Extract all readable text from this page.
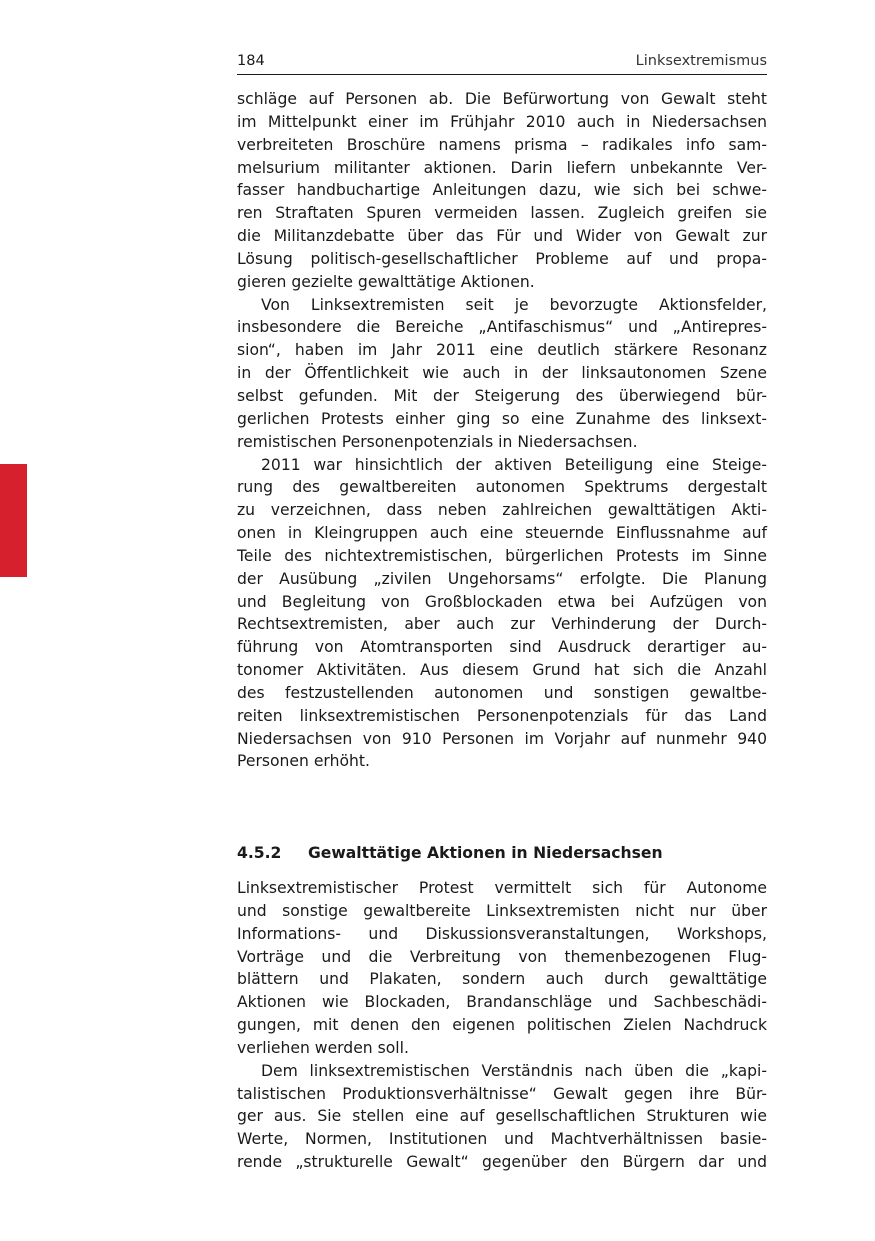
184	Linksextremismus
schläge auf Personen ab. Die Befürwortung von Gewalt steht
im Mittelpunkt einer im Frühjahr 2010 auch in Niedersachsen
verbreiteten Broschüre namens prisma – radikales info sam-
melsurium militanter aktionen. Darin liefern unbekannte Ver-
fasser handbuchartige Anleitungen dazu, wie sich bei schwe-
ren Straftaten Spuren vermeiden lassen. Zugleich greifen sie
die Militanzdebatte über das Für und Wider von Gewalt zur
Lösung politisch-gesellschaftlicher Probleme auf und propa-
gieren gezielte gewalttätige Aktionen.
Von Linksextremisten seit je bevorzugte Aktionsfelder,
insbesondere die Bereiche „Antifaschismus“ und „Antirepres-
sion“, haben im Jahr 2011 eine deutlich stärkere Resonanz
in der Öffentlichkeit wie auch in der linksautonomen Szene
selbst gefunden. Mit der Steigerung des überwiegend bür-
gerlichen Protests einher ging so eine Zunahme des linksext-
remistischen Personenpotenzials in Niedersachsen.
2011 war hinsichtlich der aktiven Beteiligung eine Steige-
rung des gewaltbereiten autonomen Spektrums dergestalt
zu verzeichnen, dass neben zahlreichen gewalttätigen Akti-
onen in Kleingruppen auch eine steuernde Einflussnahme auf
Teile des nichtextremistischen, bürgerlichen Protests im Sinne
der Ausübung „zivilen Ungehorsams“ erfolgte. Die Planung
und Begleitung von Großblockaden etwa bei Aufzügen von
Rechtsextremisten, aber auch zur Verhinderung der Durch-
führung von Atomtransporten sind Ausdruck derartiger au-
tonomer Aktivitäten. Aus diesem Grund hat sich die Anzahl
des festzustellenden autonomen und sonstigen gewaltbe-
reiten linksextremistischen Personenpotenzials für das Land
Niedersachsen von 910 Personen im Vorjahr auf nunmehr 940
Personen erhöht.
4.5.2 Gewalttätige Aktionen in Niedersachsen
Linksextremistischer Protest vermittelt sich für Autonome
und sonstige gewaltbereite Linksextremisten nicht nur über
Informations- und Diskussionsveranstaltungen, Workshops,
Vorträge und die Verbreitung von themenbezogenen Flug-
blättern und Plakaten, sondern auch durch gewalttätige
Aktionen wie Blockaden, Brandanschläge und Sachbeschädi-
gungen, mit denen den eigenen politischen Zielen Nachdruck
verliehen werden soll.
Dem linksextremistischen Verständnis nach üben die „kapi-
talistischen Produktionsverhältnisse“ Gewalt gegen ihre Bür-
ger aus. Sie stellen eine auf gesellschaftlichen Strukturen wie
Werte, Normen, Institutionen und Machtverhältnissen basie-
rende „strukturelle Gewalt“ gegenüber den Bürgern dar und
